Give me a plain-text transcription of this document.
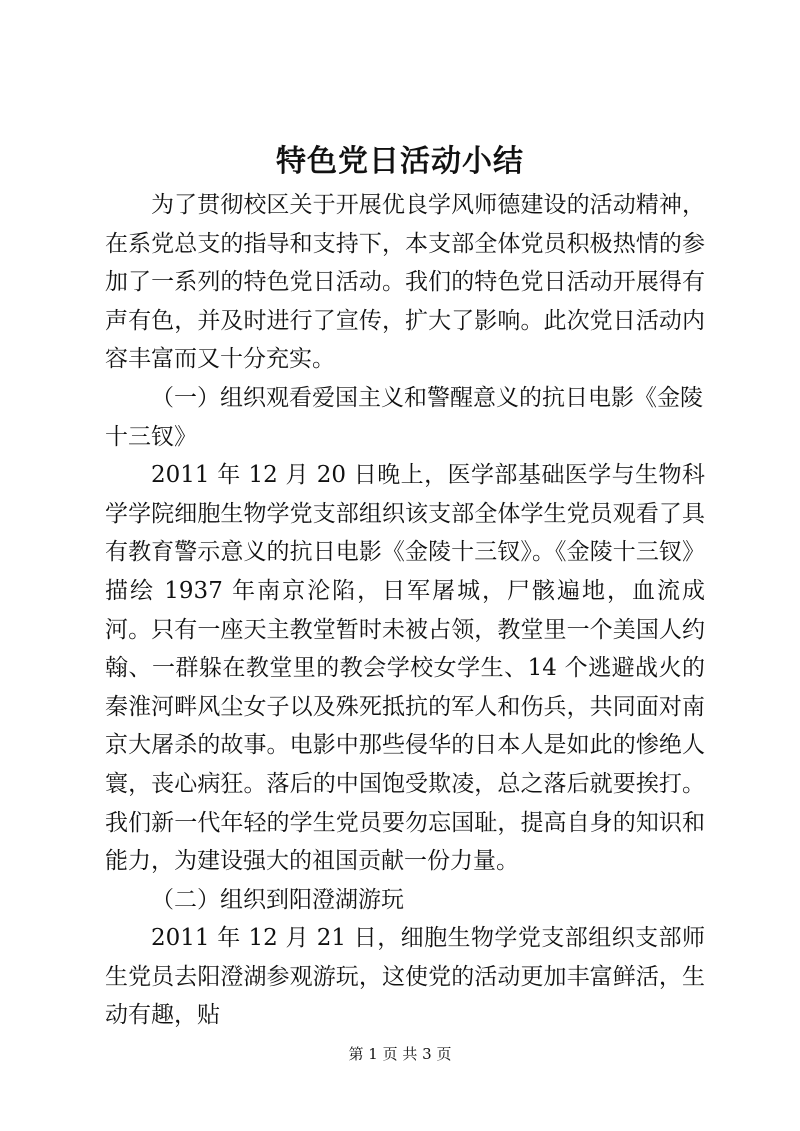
特色党日活动小结

为了贯彻校区关于开展优良学风师德建设的活动精神，在系党总支的指导和支持下，本支部全体党员积极热情的参加了一系列的特色党日活动。我们的特色党日活动开展得有声有色，并及时进行了宣传，扩大了影响。此次党日活动内容丰富而又十分充实。

（一）组织观看爱国主义和警醒意义的抗日电影《金陵十三钗》

2011 年 12 月 20 日晚上，医学部基础医学与生物科学学院细胞生物学党支部组织该支部全体学生党员观看了具有教育警示意义的抗日电影《金陵十三钗》。《金陵十三钗》描绘 1937 年南京沦陷，日军屠城，尸骸遍地，血流成河。只有一座天主教堂暂时未被占领，教堂里一个美国人约翰、一群躲在教堂里的教会学校女学生、14 个逃避战火的秦淮河畔风尘女子以及殊死抵抗的军人和伤兵，共同面对南京大屠杀的故事。电影中那些侵华的日本人是如此的惨绝人寰，丧心病狂。落后的中国饱受欺凌，总之落后就要挨打。我们新一代年轻的学生党员要勿忘国耻，提高自身的知识和能力，为建设强大的祖国贡献一份力量。

（二）组织到阳澄湖游玩

2011 年 12 月 21 日，细胞生物学党支部组织支部师生党员去阳澄湖参观游玩，这使党的活动更加丰富鲜活，生动有趣，贴

第 1 页 共 3 页
